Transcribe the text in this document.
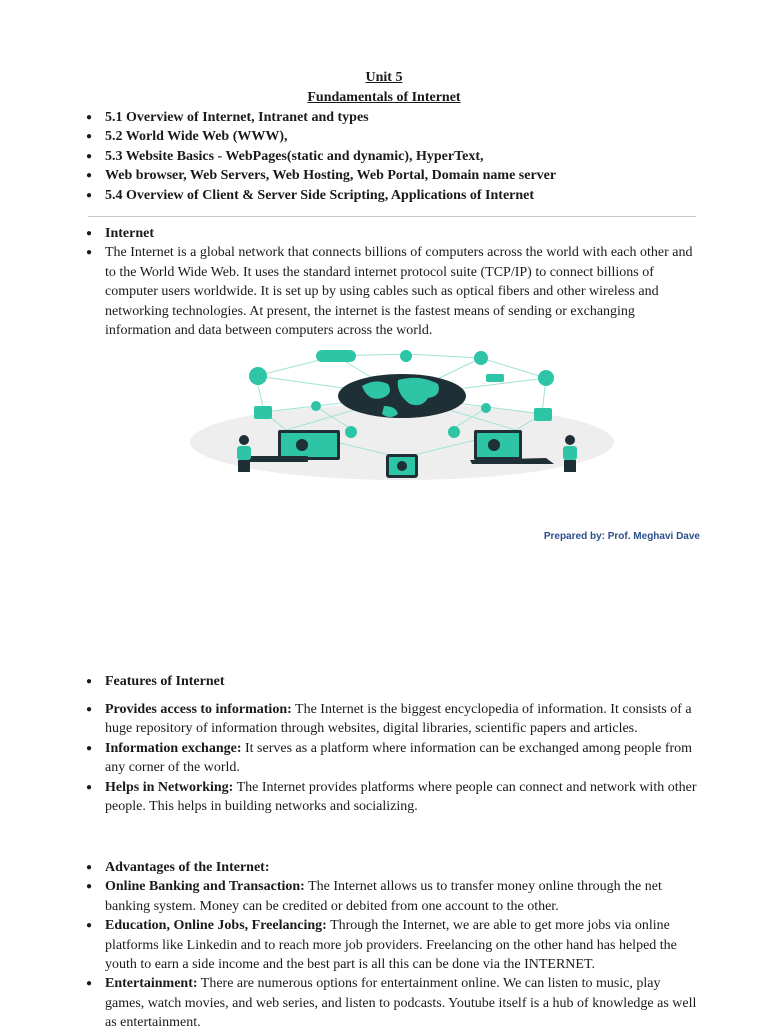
Unit 5
Fundamentals of Internet
● 5.1 Overview of Internet, Intranet and types
● 5.2 World Wide Web (WWW),
● 5.3 Website Basics - WebPages(static and dynamic), HyperText,
● Web browser, Web Servers, Web Hosting, Web Portal, Domain name server
● 5.4 Overview of Client & Server Side Scripting, Applications of Internet
● Internet
● The Internet is a global network that connects billions of computers across the world with each other and to the World Wide Web. It uses the standard internet protocol suite (TCP/IP) to connect billions of computer users worldwide. It is set up by using cables such as optical fibers and other wireless and networking technologies. At present, the internet is the fastest means of sending or exchanging information and data between computers across the world.
Prepared by: Prof. Meghavi Dave
● Features of Internet
● Provides access to information: The Internet is the biggest encyclopedia of information. It consists of a huge repository of information through websites, digital libraries, scientific papers and articles.
● Information exchange: It serves as a platform where information can be exchanged among people from any corner of the world.
● Helps in Networking: The Internet provides platforms where people can connect and network with other people. This helps in building networks and socializing.
● Advantages of the Internet:
● Online Banking and Transaction: The Internet allows us to transfer money online through the net banking system. Money can be credited or debited from one account to the other.
● Education, Online Jobs, Freelancing: Through the Internet, we are able to get more jobs via online platforms like Linkedin and to reach more job providers. Freelancing on the other hand has helped the youth to earn a side income and the best part is all this can be done via the INTERNET.
● Entertainment: There are numerous options for entertainment online. We can listen to music, play games, watch movies, and web series, and listen to podcasts. Youtube itself is a hub of knowledge as well as entertainment.
